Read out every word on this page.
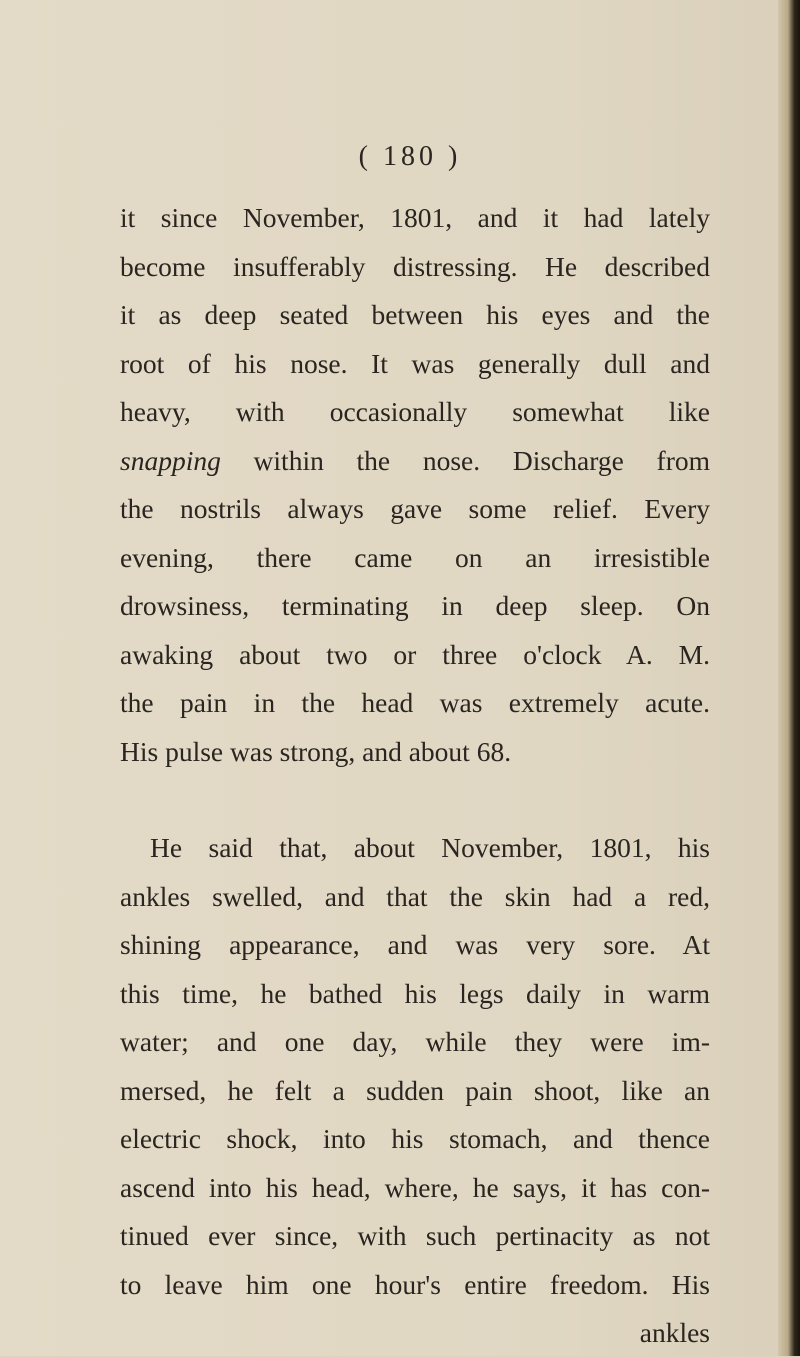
( 180 )
it since November, 1801, and it had lately
become insufferably distressing. He described
it as deep seated between his eyes and the
root of his nose. It was generally dull and
heavy, with occasionally somewhat like
snapping within the nose. Discharge from
the nostrils always gave some relief. Every
evening, there came on an irresistible
drowsiness, terminating in deep sleep. On
awaking about two or three o'clock A. M.
the pain in the head was extremely acute.
His pulse was strong, and about 68.
He said that, about November, 1801, his
ankles swelled, and that the skin had a red,
shining appearance, and was very sore. At
this time, he bathed his legs daily in warm
water; and one day, while they were im-
mersed, he felt a sudden pain shoot, like an
electric shock, into his stomach, and thence
ascend into his head, where, he says, it has con-
tinued ever since, with such pertinacity as not
to leave him one hour's entire freedom. His
ankles
